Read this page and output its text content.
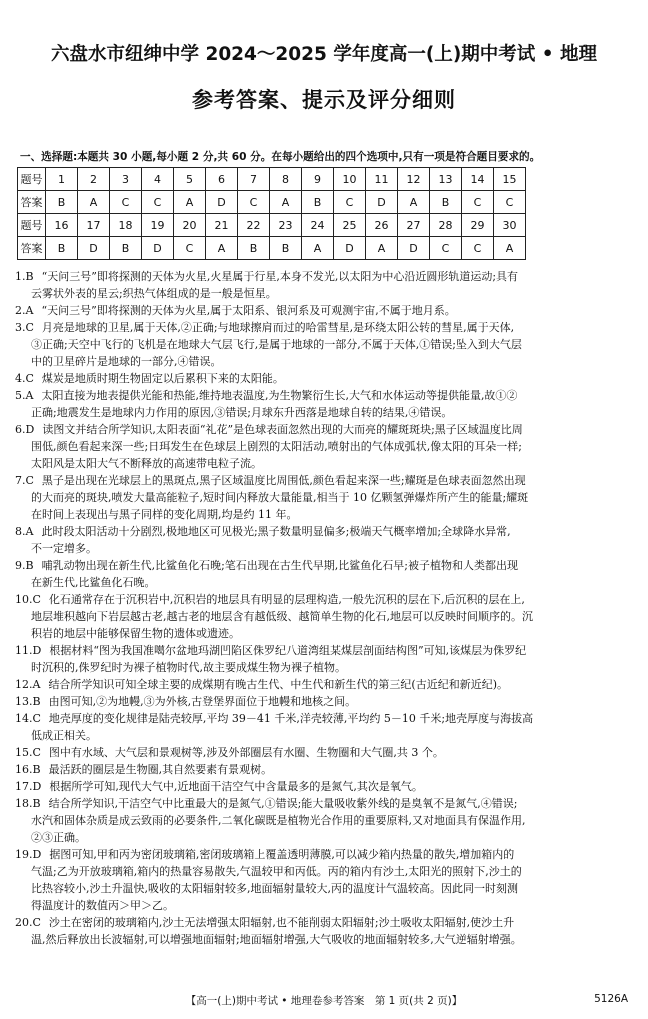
六盘水市纽绅中学 2024～2025 学年度高一(上)期中考试 • 地理
参考答案、提示及评分细则
一、选择题:本题共 30 小题,每小题 2 分,共 60 分。在每小题给出的四个选项中,只有一项是符合题目要求的。
题号	1	2	3	4	5	6	7	8	9	10	11	12	13	14	15
答案	B	A	C	C	A	D	C	A	B	C	D	A	B	C	C
题号	16	17	18	19	20	21	22	23	24	25	26	27	28	29	30
答案	B	D	B	D	C	A	B	B	A	D	A	D	C	C	A

1.B “天问三号”即将探测的天体为火星,火星属于行星,本身不发光,以太阳为中心沿近圆形轨道运动;具有

云雾状外表的星云;织热气体组成的是一般是恒星。

2.A “天问三号”即将探测的天体为火星,属于太阳系、银河系及可观测宇宙,不属于地月系。

3.C 月亮是地球的卫星,属于天体,②正确;与地球擦肩而过的哈雷彗星,是环绕太阳公转的彗星,属于天体,

③正确;天空中飞行的飞机是在地球大气层飞行,是属于地球的一部分,不属于天体,①错误;坠入到大气层

中的卫星碎片是地球的一部分,④错误。

4.C 煤炭是地质时期生物固定以后累积下来的太阳能。

5.A 太阳直接为地表提供光能和热能,维持地表温度,为生物繁衍生长,大气和水体运动等提供能量,故①②

正确;地震发生是地球内力作用的原因,③错误;月球东升西落是地球自转的结果,④错误。

6.D 读图文并结合所学知识,太阳表面“礼花”是色球表面忽然出现的大而亮的耀斑斑块;黑子区域温度比周

围低,颜色看起来深一些;日珥发生在色球层上剧烈的太阳活动,喷射出的气体成弧状,像太阳的耳朵一样;

太阳风是太阳大气不断释放的高速带电粒子流。

7.C 黑子是出现在光球层上的黑斑点,黑子区域温度比周围低,颜色看起来深一些;耀斑是色球表面忽然出现

的大而亮的斑块,喷发大量高能粒子,短时间内释放大量能量,相当于 10 亿颗氢弹爆炸所产生的能量;耀斑

在时间上表现出与黑子同样的变化周期,均是约 11 年。

8.A 此时段太阳活动十分剧烈,极地地区可见极光;黑子数量明显偏多;极端天气概率增加;全球降水异常,

不一定增多。

9.B 哺乳动物出现在新生代,比鲨鱼化石晚;笔石出现在古生代早期,比鲨鱼化石早;被子植物和人类都出现

在新生代,比鲨鱼化石晚。

10.C 化石通常存在于沉积岩中,沉积岩的地层具有明显的层理构造,一般先沉积的层在下,后沉积的层在上,

地层堆积越向下岩层越古老,越古老的地层含有越低级、越简单生物的化石,地层可以反映时间顺序的。沉

积岩的地层中能够保留生物的遗体或遗迹。

11.D 根据材料“图为我国准噶尔盆地玛湖凹陷区侏罗纪八道湾组某煤层剖面结构图”可知,该煤层为侏罗纪

时沉积的,侏罗纪时为裸子植物时代,故主要成煤生物为裸子植物。

12.A 结合所学知识可知全球主要的成煤期有晚古生代、中生代和新生代的第三纪(古近纪和新近纪)。

13.B 由图可知,②为地幔,③为外核,古登堡界面位于地幔和地核之间。

14.C 地壳厚度的变化规律是陆壳较厚,平均 39－41 千米,洋壳较薄,平均约 5－10 千米;地壳厚度与海拔高

低成正相关。

15.C 图中有水域、大气层和景观树等,涉及外部圈层有水圈、生物圈和大气圈,共 3 个。

16.B 最活跃的圈层是生物圈,其自然要素有景观树。

17.D 根据所学可知,现代大气中,近地面干洁空气中含量最多的是氮气,其次是氧气。

18.B 结合所学知识,干洁空气中比重最大的是氮气,①错误;能大量吸收紫外线的是臭氧不是氮气,④错误;

水汽和固体杂质是成云致雨的必要条件,二氧化碳既是植物光合作用的重要原料,又对地面具有保温作用,

②③正确。

19.D 据图可知,甲和丙为密闭玻璃箱,密闭玻璃箱上覆盖透明薄膜,可以减少箱内热量的散失,增加箱内的

气温;乙为开放玻璃箱,箱内的热量容易散失,气温较甲和丙低。丙的箱内有沙土,太阳光的照射下,沙土的

比热容较小,沙土升温快,吸收的太阳辐射较多,地面辐射量较大,丙的温度计气温较高。因此同一时刻测

得温度计的数值丙＞甲＞乙。

20.C 沙土在密闭的玻璃箱内,沙土无法增强太阳辐射,也不能削弱太阳辐射;沙土吸收太阳辐射,使沙土升

温,然后释放出长波辐射,可以增强地面辐射;地面辐射增强,大气吸收的地面辐射较多,大气逆辐射增强。

【高一(上)期中考试 • 地理卷参考答案　第 1 页(共 2 页)】	5126A
